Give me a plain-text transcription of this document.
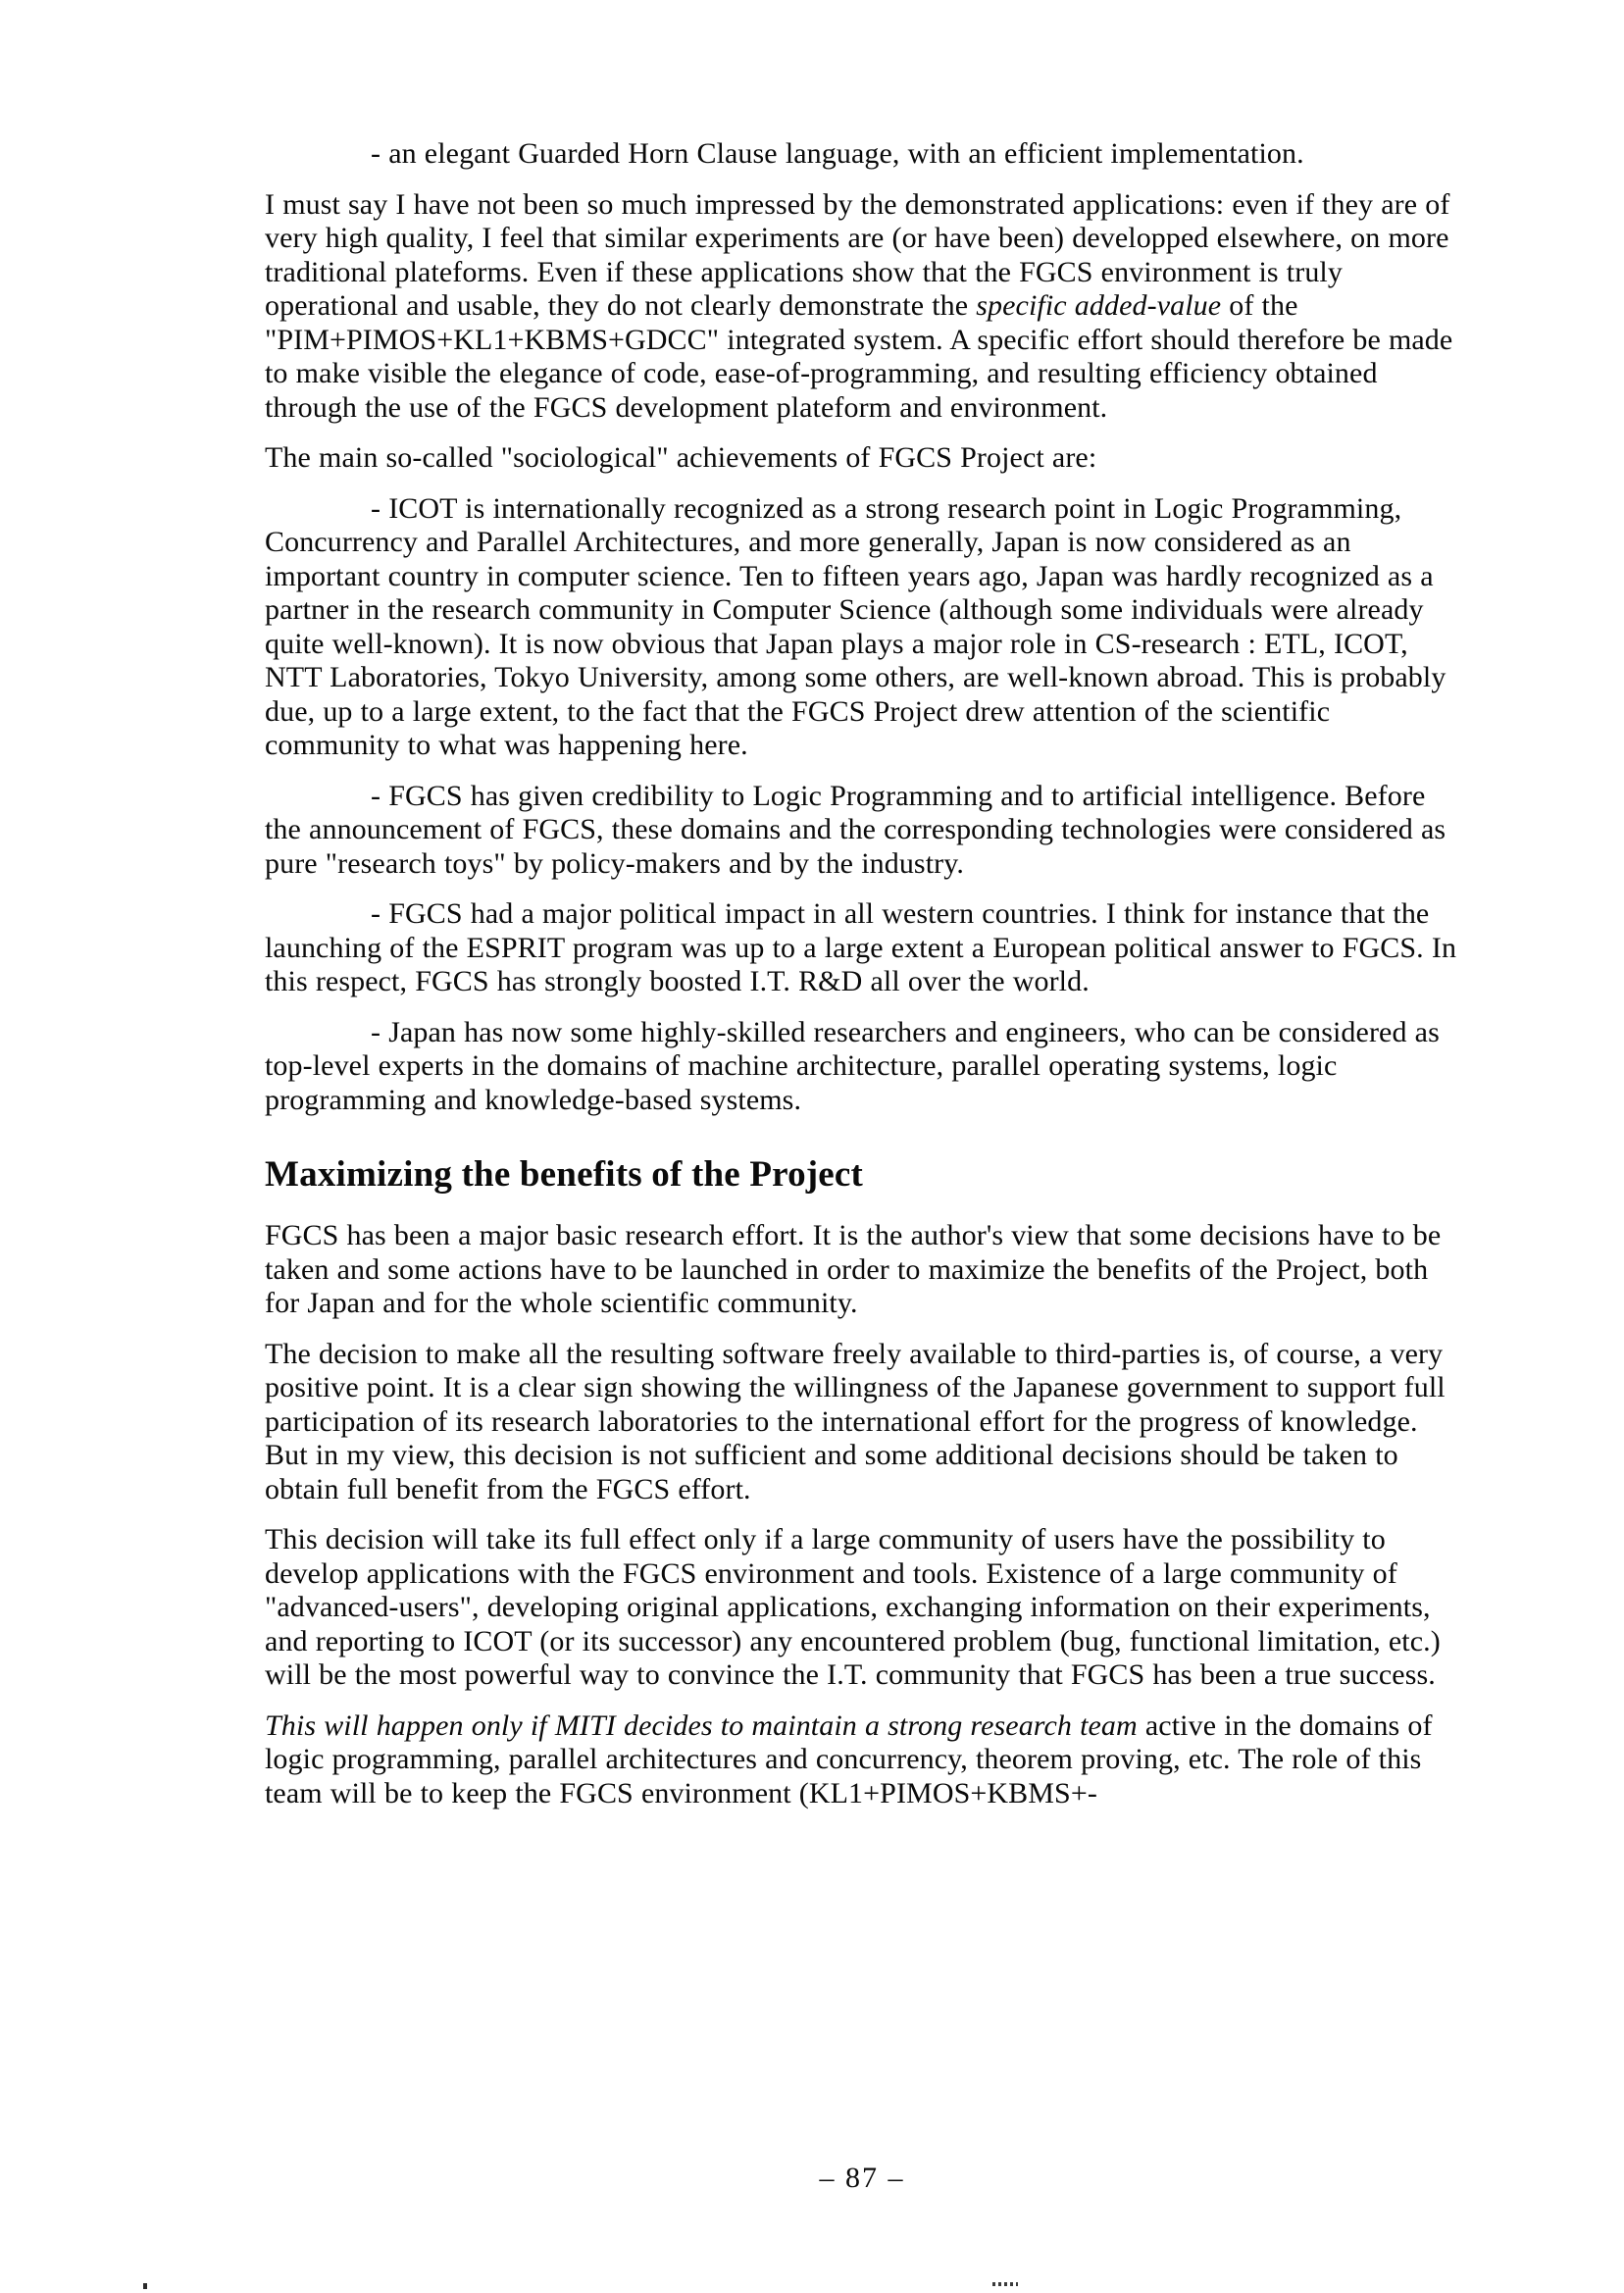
- an elegant Guarded Horn Clause language, with an efficient implementation.

I must say I have not been so much impressed by the demonstrated applications: even if they are of very high quality, I feel that similar experiments are (or have been) developped elsewhere, on more traditional plateforms. Even if these applications show that the FGCS environment is truly operational and usable, they do not clearly demonstrate the specific added-value of the "PIM+PIMOS+KL1+KBMS+GDCC" integrated system. A specific effort should therefore be made to make visible the elegance of code, ease-of-programming, and resulting efficiency obtained through the use of the FGCS development plateform and environment.

The main so-called "sociological" achievements of FGCS Project are:

- ICOT is internationally recognized as a strong research point in Logic Programming, Concurrency and Parallel Architectures, and more generally, Japan is now considered as an important country in computer science. Ten to fifteen years ago, Japan was hardly recognized as a partner in the research community in Computer Science (although some individuals were already quite well-known). It is now obvious that Japan plays a major role in CS-research : ETL, ICOT, NTT Laboratories, Tokyo University, among some others, are well-known abroad. This is probably due, up to a large extent, to the fact that the FGCS Project drew attention of the scientific community to what was happening here.

- FGCS has given credibility to Logic Programming and to artificial intelligence. Before the announcement of FGCS, these domains and the corresponding technologies were considered as pure "research toys" by policy-makers and by the industry.

- FGCS had a major political impact in all western countries. I think for instance that the launching of the ESPRIT program was up to a large extent a European political answer to FGCS. In this respect, FGCS has strongly boosted I.T. R&D all over the world.

- Japan has now some highly-skilled researchers and engineers, who can be considered as top-level experts in the domains of machine architecture, parallel operating systems, logic programming and knowledge-based systems.

Maximizing the benefits of the Project

FGCS has been a major basic research effort. It is the author's view that some decisions have to be taken and some actions have to be launched in order to maximize the benefits of the Project, both for Japan and for the whole scientific community.

The decision to make all the resulting software freely available to third-parties is, of course, a very positive point. It is a clear sign showing the willingness of the Japanese government to support full participation of its research laboratories to the international effort for the progress of knowledge. But in my view, this decision is not sufficient and some additional decisions should be taken to obtain full benefit from the FGCS effort.

This decision will take its full effect only if a large community of users have the possibility to develop applications with the FGCS environment and tools. Existence of a large community of "advanced-users", developing original applications, exchanging information on their experiments, and reporting to ICOT (or its successor) any encountered problem (bug, functional limitation, etc.) will be the most powerful way to convince the I.T. community that FGCS has been a true success.

This will happen only if MITI decides to maintain a strong research team active in the domains of logic programming, parallel architectures and concurrency, theorem proving, etc. The role of this team will be to keep the FGCS environment (KL1+PIMOS+KBMS+-

– 87 –
